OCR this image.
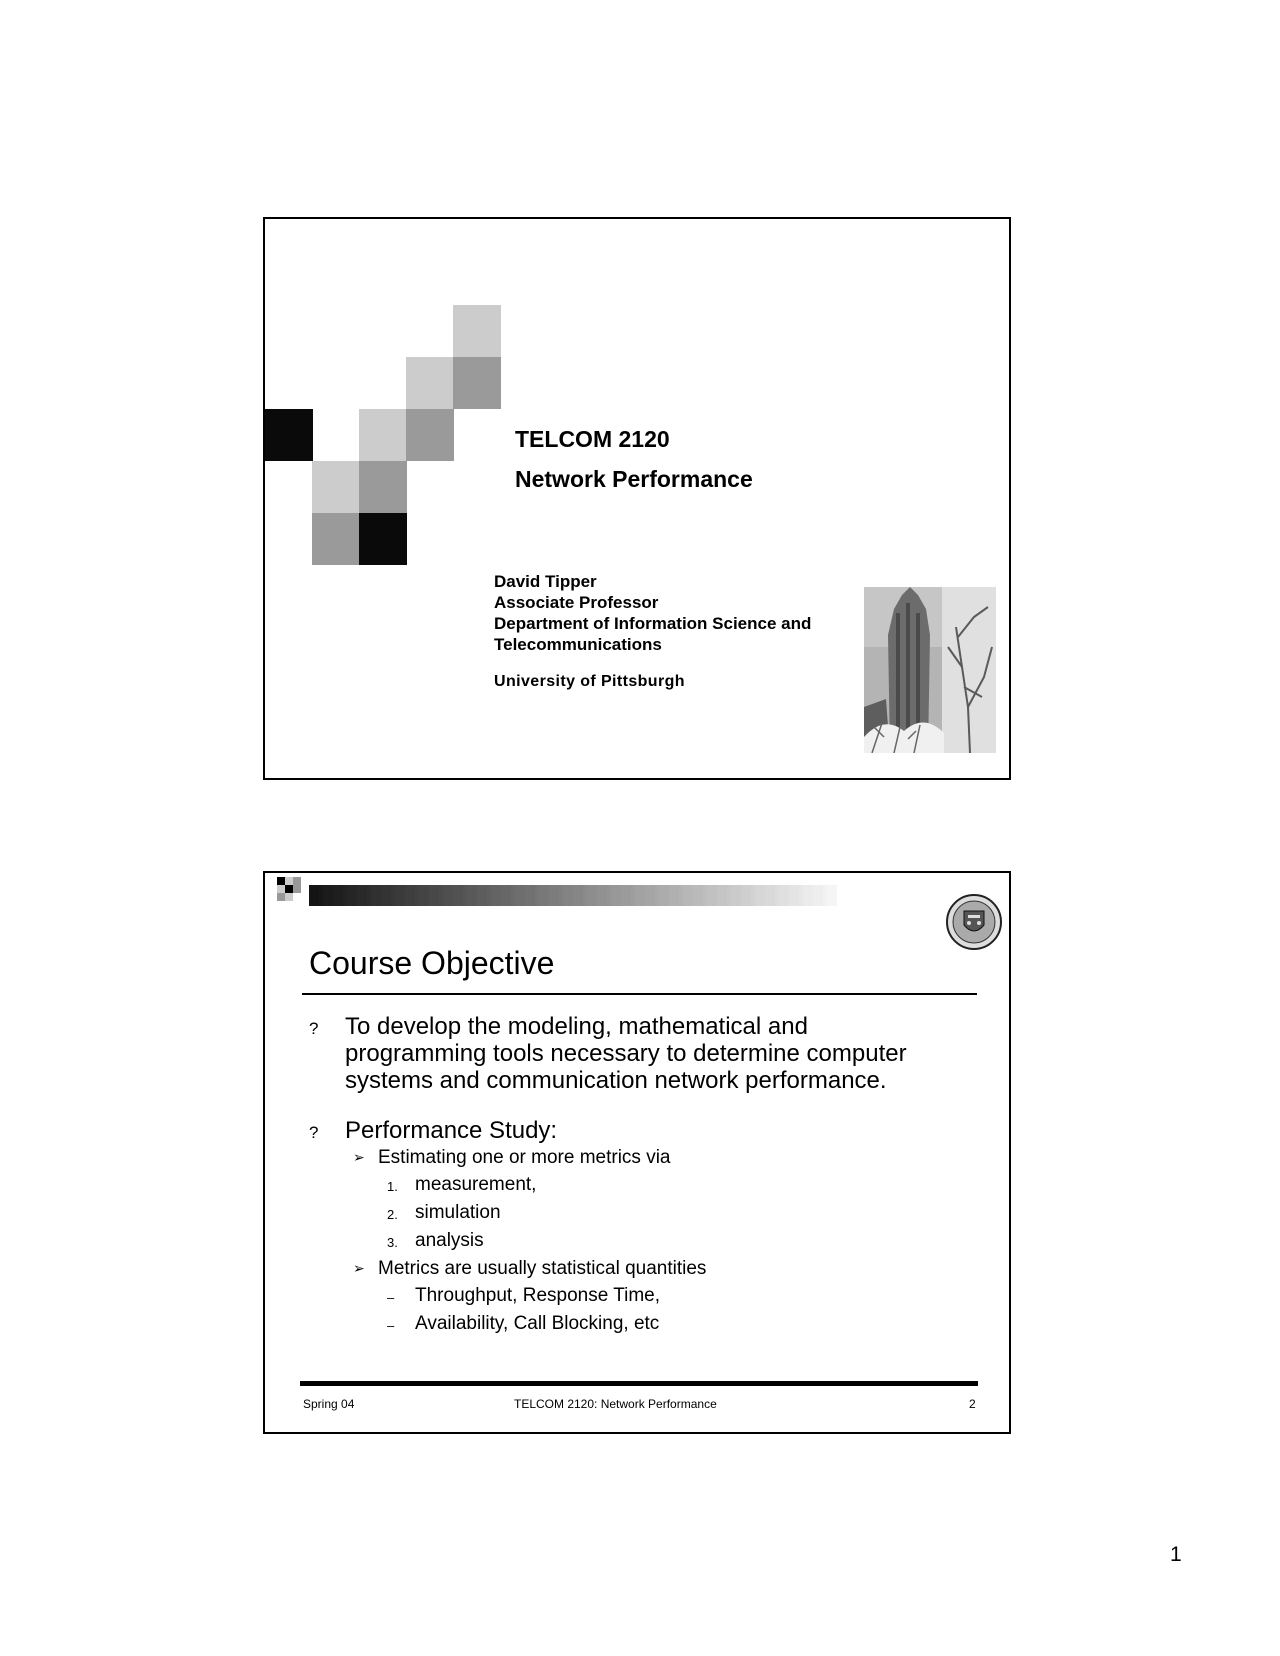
TELCOM 2120
Network Performance
David Tipper
Associate Professor
Department of Information Science and
Telecommunications
University of Pittsburgh
Course Objective
? To develop the modeling, mathematical and
programming tools necessary to determine computer
systems and communication network performance.
? Performance Study:
➢ Estimating one or more metrics via
1. measurement,
2. simulation
3. analysis
➢ Metrics are usually statistical quantities
– Throughput, Response Time,
– Availability, Call Blocking, etc
Spring 04	TELCOM 2120: Network Performance	2
1
